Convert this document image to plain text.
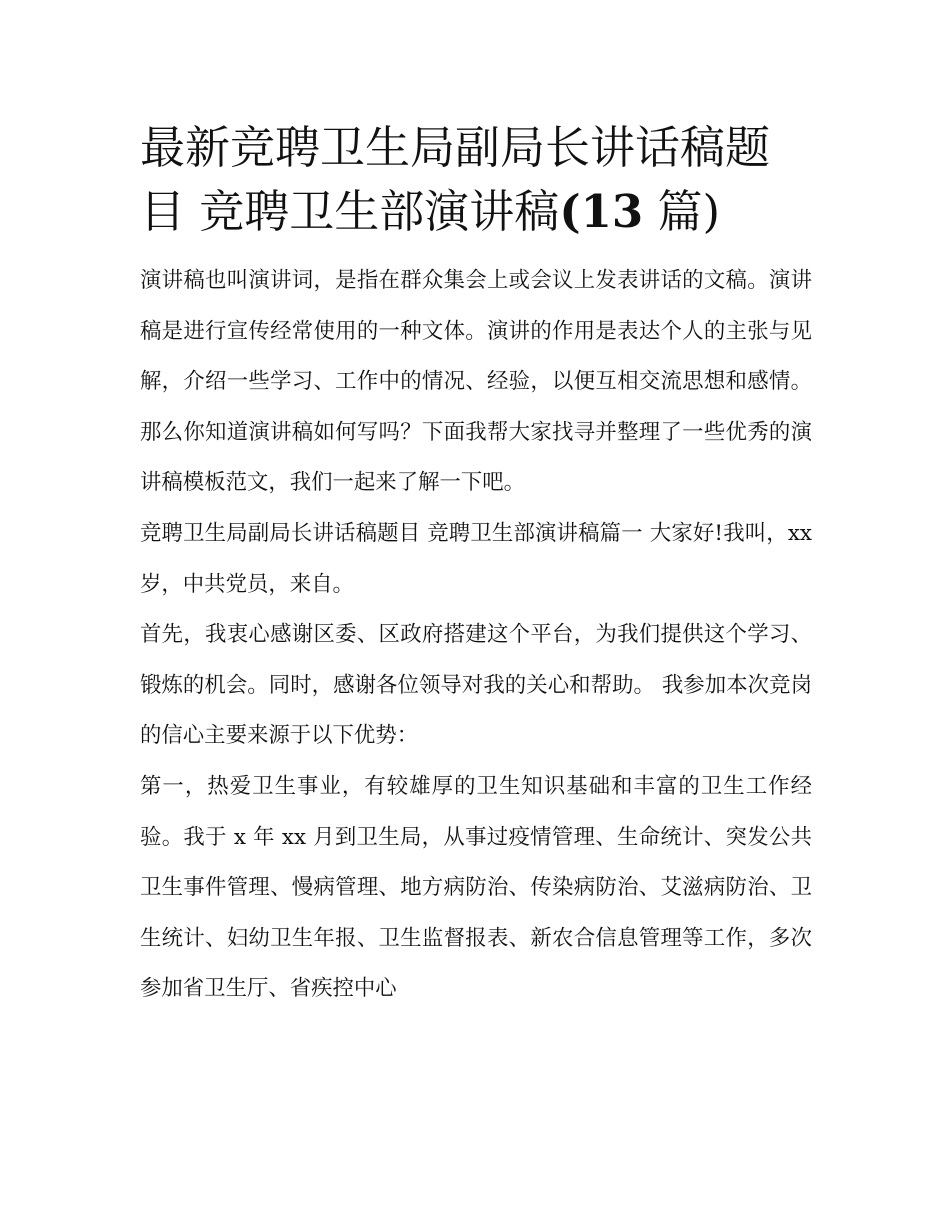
最新竞聘卫生局副局长讲话稿题目 竞聘卫生部演讲稿(13 篇)

演讲稿也叫演讲词，是指在群众集会上或会议上发表讲话的文稿。演讲稿是进行宣传经常使用的一种文体。演讲的作用是表达个人的主张与见解，介绍一些学习、工作中的情况、经验，以便互相交流思想和感情。那么你知道演讲稿如何写吗？下面我帮大家找寻并整理了一些优秀的演讲稿模板范文，我们一起来了解一下吧。

竞聘卫生局副局长讲话稿题目 竞聘卫生部演讲稿篇一 大家好!我叫，xx 岁，中共党员，来自。

首先，我衷心感谢区委、区政府搭建这个平台，为我们提供这个学习、锻炼的机会。同时，感谢各位领导对我的关心和帮助。 我参加本次竞岗的信心主要来源于以下优势：

第一，热爱卫生事业，有较雄厚的卫生知识基础和丰富的卫生工作经验。我于 x 年 xx 月到卫生局，从事过疫情管理、生命统计、突发公共卫生事件管理、慢病管理、地方病防治、传染病防治、艾滋病防治、卫生统计、妇幼卫生年报、卫生监督报表、新农合信息管理等工作，多次参加省卫生厅、省疾控中心
